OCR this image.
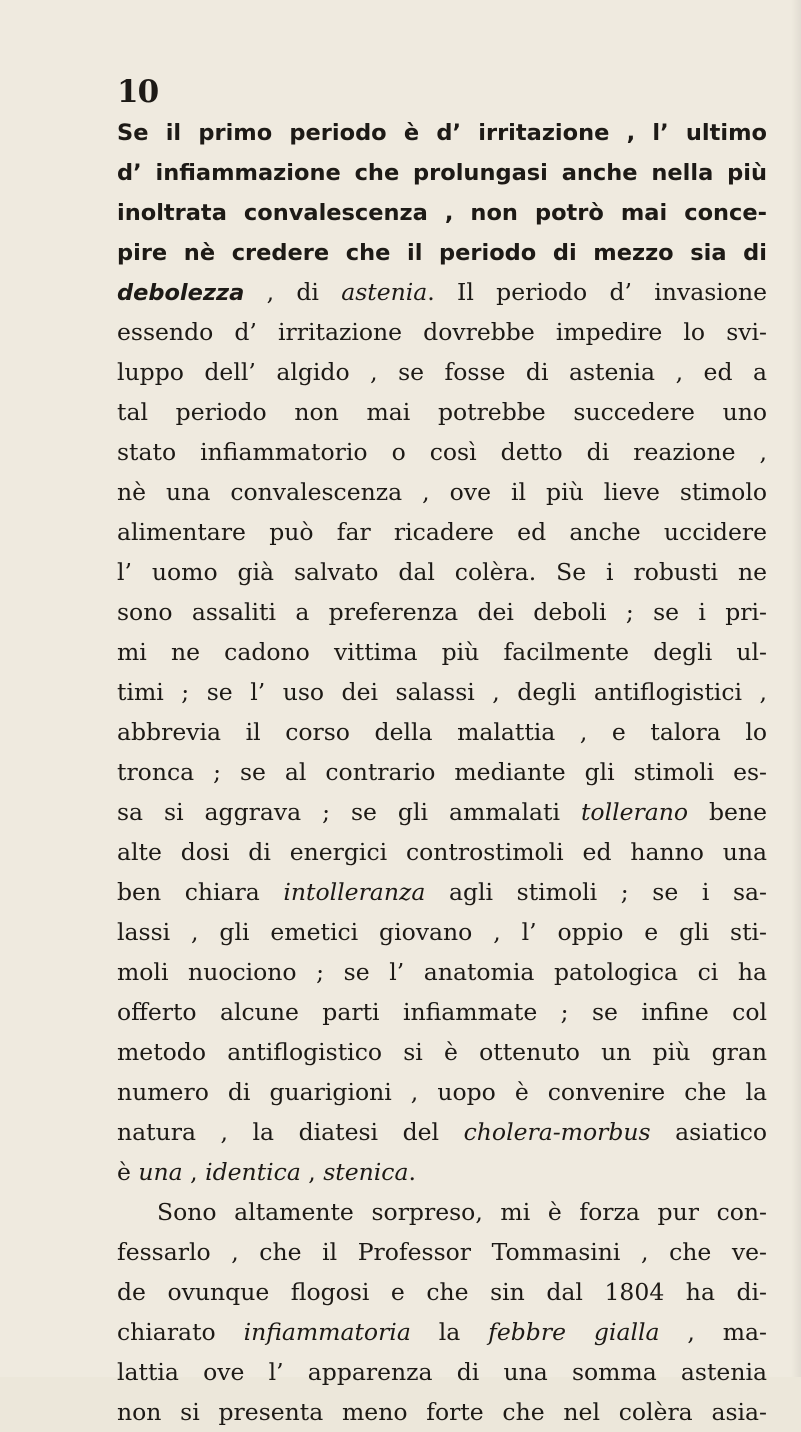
10
Se il primo periodo è d’ irritazione , l’ ultimo
d’ infiammazione che prolungasi anche nella più
inoltrata convalescenza , non potrò mai conce-
pire nè credere che il periodo di mezzo sia di
debolezza , di astenia. Il periodo d’ invasione
essendo d’ irritazione dovrebbe impedire lo svi-
luppo dell’ algido , se fosse di astenia , ed a
tal periodo non mai potrebbe succedere uno
stato infiammatorio o così detto di reazione ,
nè una convalescenza , ove il più lieve stimolo
alimentare può far ricadere ed anche uccidere
l’ uomo già salvato dal colèra. Se i robusti ne
sono assaliti a preferenza dei deboli ; se i pri-
mi ne cadono vittima più facilmente degli ul-
timi ; se l’ uso dei salassi , degli antiflogistici ,
abbrevia il corso della malattia , e talora lo
tronca ; se al contrario mediante gli stimoli es-
sa si aggrava ; se gli ammalati tollerano bene
alte dosi di energici controstimoli ed hanno una
ben chiara intolleranza agli stimoli ; se i sa-
lassi , gli emetici giovano , l’ oppio e gli sti-
moli nuociono ; se l’ anatomia patologica ci ha
offerto alcune parti infiammate ; se infine col
metodo antiflogistico si è ottenuto un più gran
numero di guarigioni , uopo è convenire che la
natura , la diatesi del cholera-morbus asiatico
è una , identica , stenica.
Sono altamente sorpreso, mi è forza pur con-
fessarlo , che il Professor Tommasini , che ve-
de ovunque flogosi e che sin dal 1804 ha di-
chiarato infiammatoria la febbre gialla , ma-
lattia ove l’ apparenza di una somma astenia
non si presenta meno forte che nel colèra asia-
